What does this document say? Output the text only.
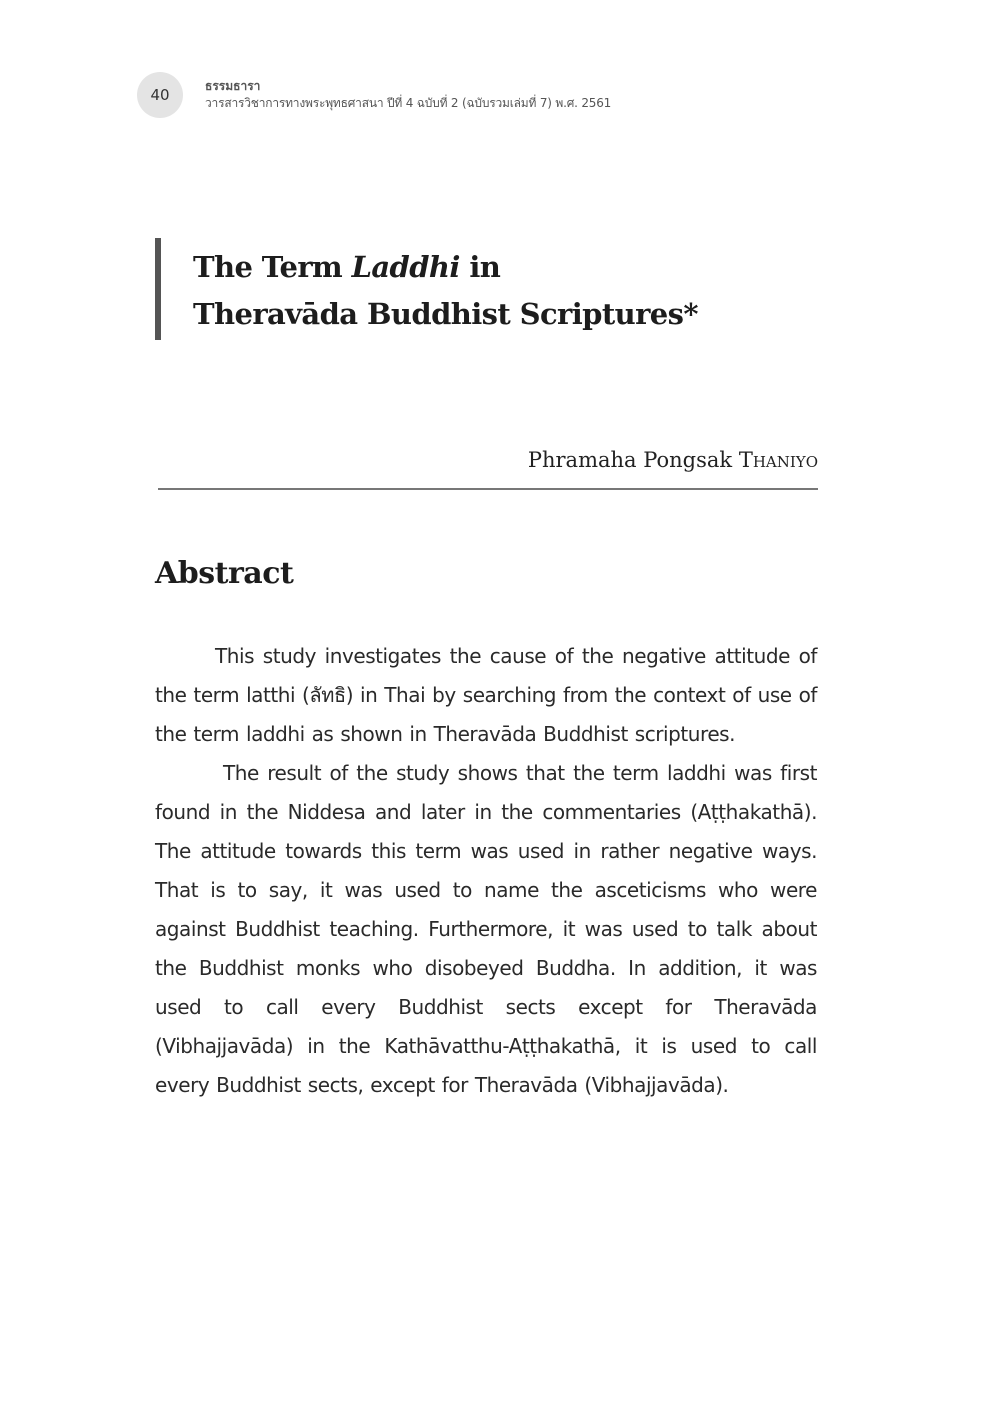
40	ธรรมธารา
วารสารวิชาการทางพระพุทธศาสนา ปีที่ 4 ฉบับที่ 2 (ฉบับรวมเล่มที่ 7) พ.ศ. 2561
The Term Laddhi in
Theravāda Buddhist Scriptures*
Phramaha Pongsak Thaniyo
Abstract

This study investigates the cause of the negative attitude of the term latthi (ลัทธิ) in Thai by searching from the context of use of the term laddhi as shown in Theravāda Buddhist scriptures.

The result of the study shows that the term laddhi was first found in the Niddesa and later in the commentaries (Aṭṭhakathā). The attitude towards this term was used in rather negative ways. That is to say, it was used to name the asceticisms who were against Buddhist teaching. Furthermore, it was used to talk about the Buddhist monks who disobeyed Buddha. In addition, it was used to call every Buddhist sects except for Theravāda (Vibhajjavāda) in the Kathāvatthu-Aṭṭhakathā, it is used to call every Buddhist sects, except for Theravāda (Vibhajjavāda).
